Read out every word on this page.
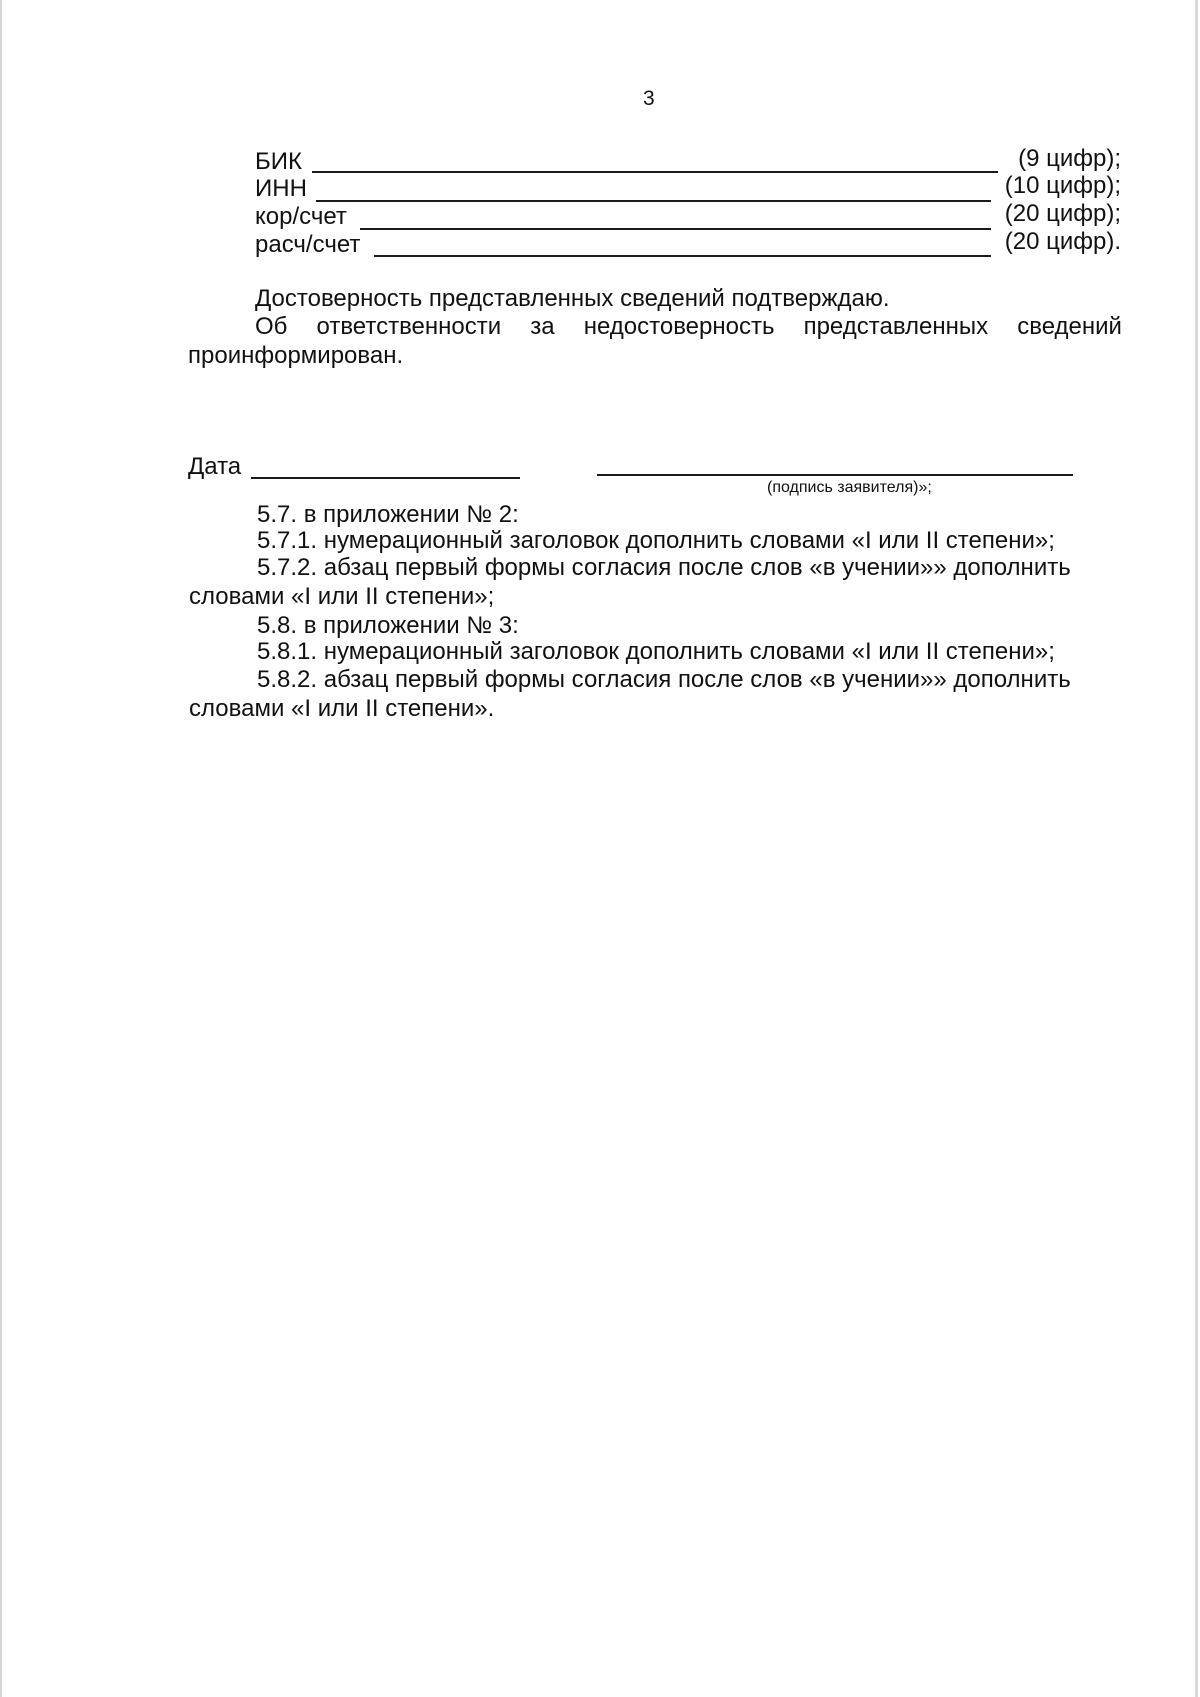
3
БИК	(9 цифр);
ИНН	(10 цифр);
кор/счет	(20 цифр);
расч/счет	(20 цифр).
Достоверность представленных сведений подтверждаю.
Об ответственности за недостоверность представленных сведений
проинформирован.
Дата
(подпись заявителя)»;
5.7. в приложении № 2:
5.7.1. нумерационный заголовок дополнить словами «I или II степени»;
5.7.2. абзац первый формы согласия после слов «в учении»» дополнить
словами «I или II степени»;
5.8. в приложении № 3:
5.8.1. нумерационный заголовок дополнить словами «I или II степени»;
5.8.2. абзац первый формы согласия после слов «в учении»» дополнить
словами «I или II степени».
